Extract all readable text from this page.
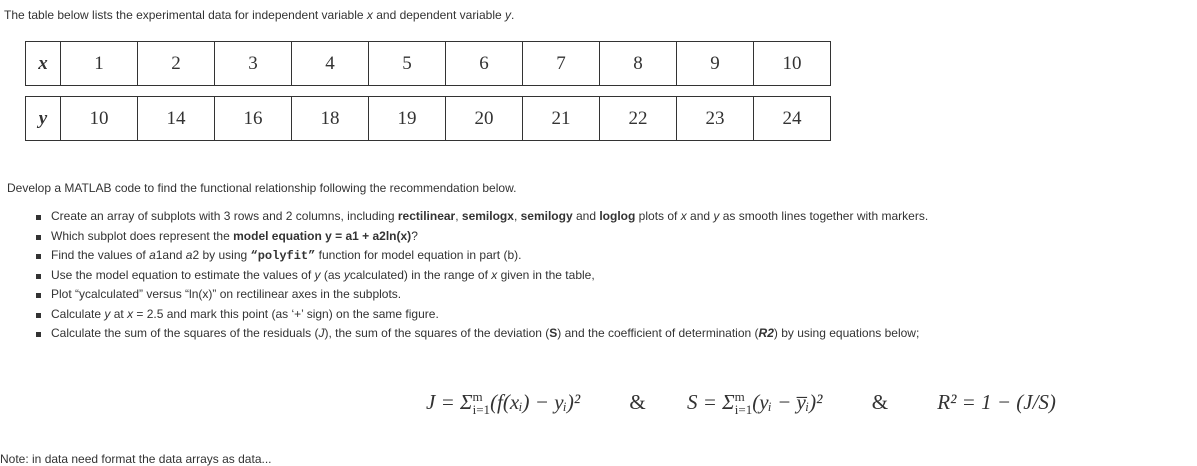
The table below lists the experimental data for independent variable x and dependent variable y.
x	1	2	3	4	5	6	7	8	9	10

y	10	14	16	18	19	20	21	22	23	24
Develop a MATLAB code to find the functional relationship following the recommendation below.
Create an array of subplots with 3 rows and 2 columns, including rectilinear, semilogx, semilogy and loglog plots of x and y as smooth lines together with markers.
Which subplot does represent the model equation y = a1 + a2ln(x)?
Find the values of a1and a2 by using “polyfit” function for model equation in part (b).
Use the model equation to estimate the values of y (as ycalculated) in the range of x given in the table,
Plot “ycalculated” versus “ln(x)” on rectilinear axes in the subplots.
Calculate y at x = 2.5 and mark this point (as ‘+’ sign) on the same figure.
Calculate the sum of the squares of the residuals (J), the sum of the squares of the deviation (S) and the coefficient of determination (R2) by using equations below;
$J = \Sigma^m_{i=1}(f(xᵢ)$ − yᵢ)² & $S = \Sigma^m_{i=1}(yᵢ$ − y̅ᵢ)² & R² = 1 − (J/S)
Note: in data need format the data arrays as data...
